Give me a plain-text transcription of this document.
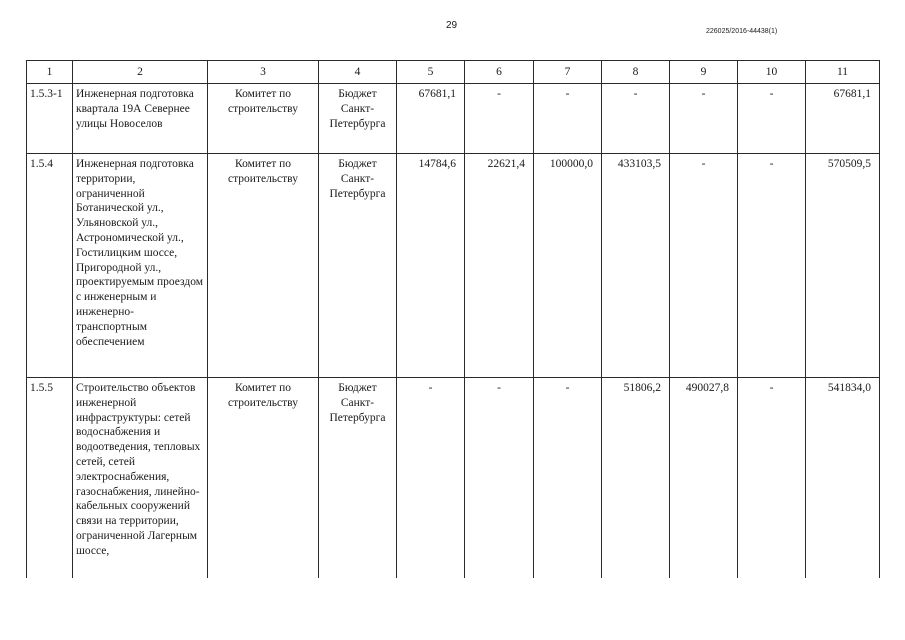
29
226025/2016-44438(1)
1	2	3	4	5	6	7	8	9	10	11
1.5.3-1	Инженерная подготовка квартала 19А Севернее улицы Новоселов	Комитет по строительству	Бюджет Санкт-Петербурга	67681,1	-	-	-	-	-	67681,1
1.5.4	Инженерная подготовка территории, ограниченной Ботанической ул., Ульяновской ул., Астрономической ул., Гостилицким шоссе, Пригородной ул., проектируемым проездом с инженерным и инженерно-транспортным обеспечением	Комитет по строительству	Бюджет Санкт-Петербурга	14784,6	22621,4	100000,0	433103,5	-	-	570509,5
1.5.5	Строительство объектов инженерной инфраструктуры: сетей водоснабжения и водоотведения, тепловых сетей, сетей электроснабжения, газоснабжения, линейно-кабельных сооружений связи на территории, ограниченной Лагерным шоссе,	Комитет по строительству	Бюджет Санкт-Петербурга	-	-	-	51806,2	490027,8	-	541834,0
